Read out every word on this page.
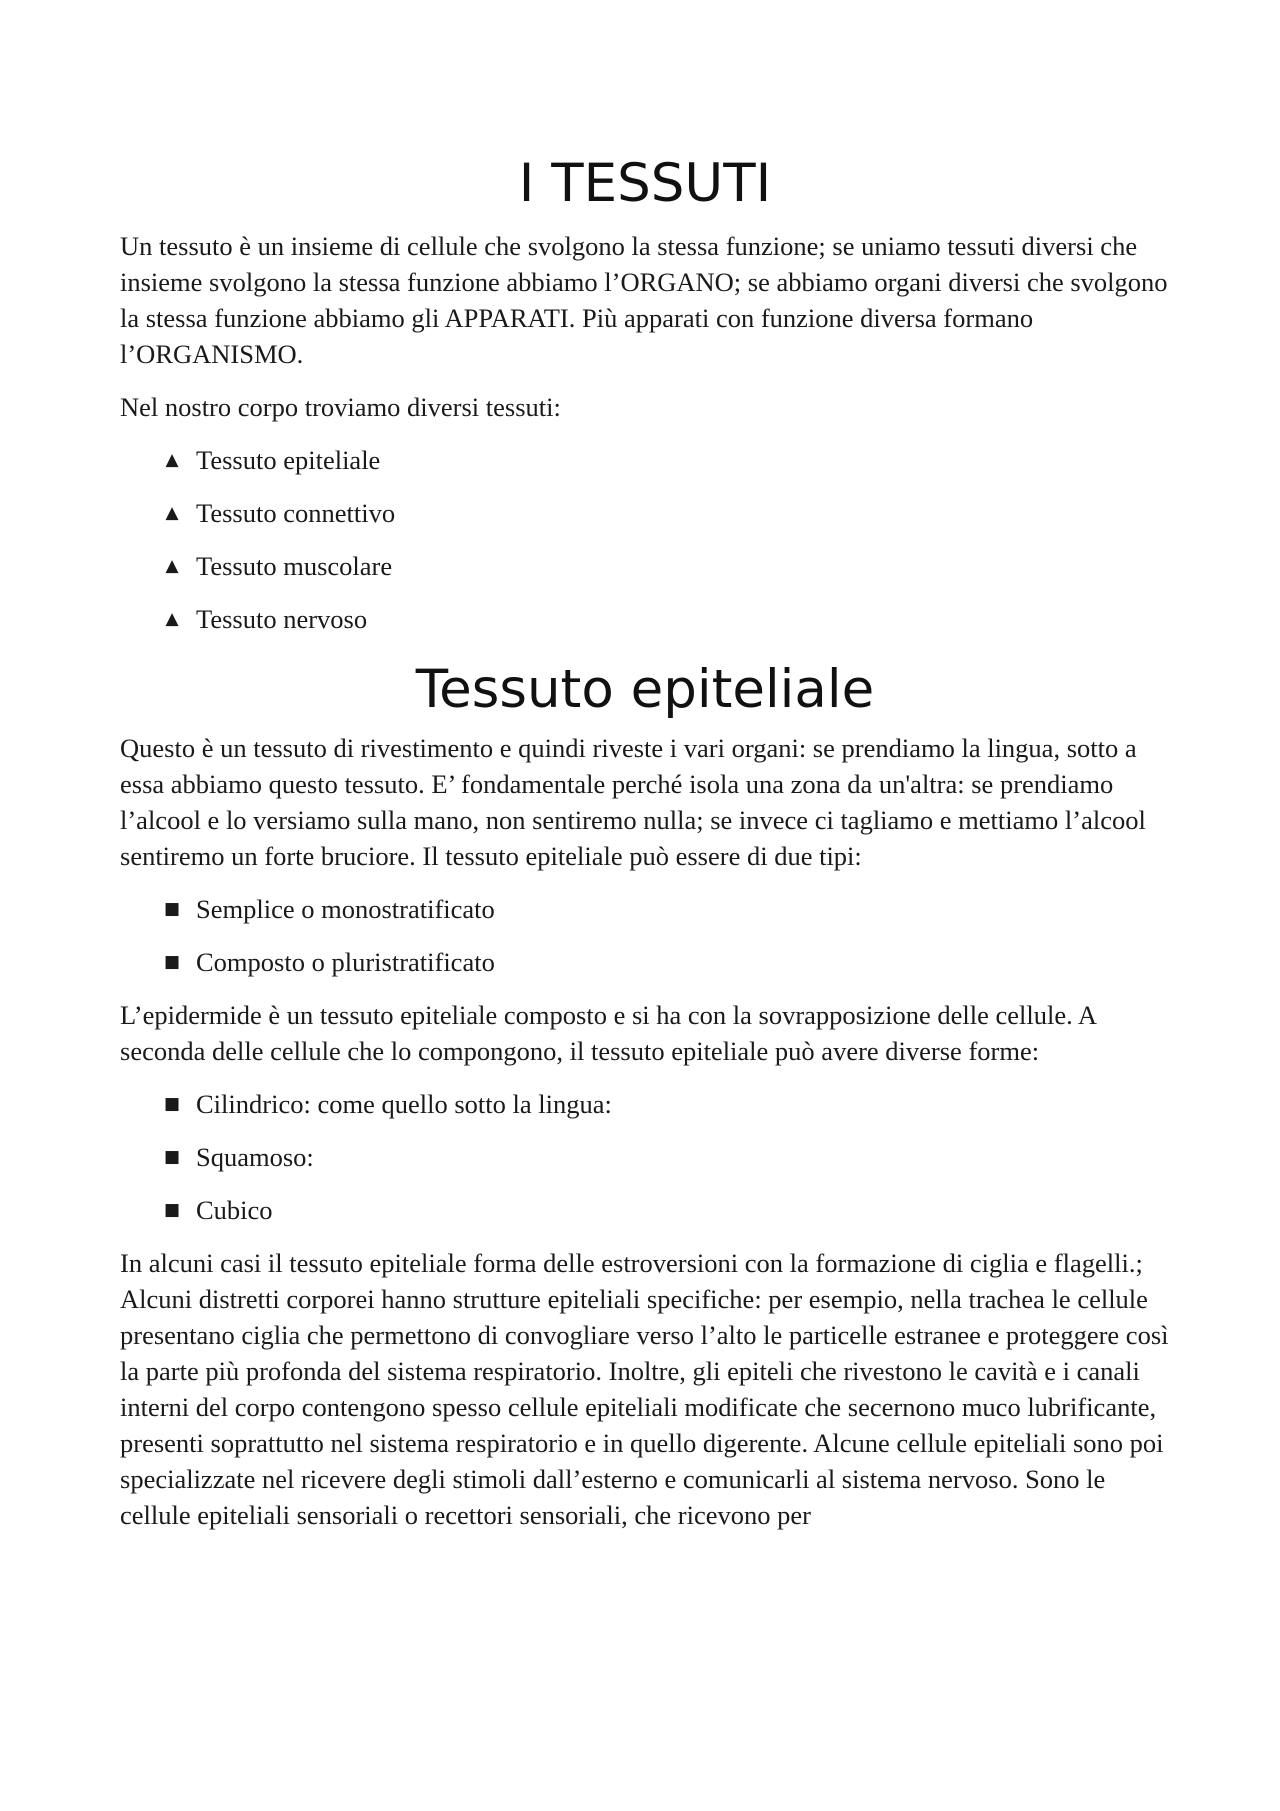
I TESSUTI

Un tessuto è un insieme di cellule che svolgono la stessa funzione; se uniamo tessuti diversi che insieme svolgono la stessa funzione abbiamo l’ORGANO; se abbiamo organi diversi che svolgono la stessa funzione abbiamo gli APPARATI. Più apparati con funzione diversa formano l’ORGANISMO.

Nel nostro corpo troviamo diversi tessuti:

▲ Tessuto epiteliale
▲ Tessuto connettivo
▲ Tessuto muscolare
▲ Tessuto nervoso
Tessuto epiteliale

Questo è un tessuto di rivestimento e quindi riveste i vari organi: se prendiamo la lingua, sotto a essa abbiamo questo tessuto. E’ fondamentale perché isola una zona da un'altra: se prendiamo l’alcool e lo versiamo sulla mano, non sentiremo nulla; se invece ci tagliamo e mettiamo l’alcool sentiremo un forte bruciore. Il tessuto epiteliale può essere di due tipi:

■ Semplice o monostratificato
■ Composto o pluristratificato

L’epidermide è un tessuto epiteliale composto e si ha con la sovrapposizione delle cellule. A seconda delle cellule che lo compongono, il tessuto epiteliale può avere diverse forme:

■ Cilindrico: come quello sotto la lingua:
■ Squamoso:
■ Cubico

In alcuni casi il tessuto epiteliale forma delle estroversioni con la formazione di ciglia e flagelli.; Alcuni distretti corporei hanno strutture epiteliali specifiche: per esempio, nella trachea le cellule presentano ciglia che permettono di convogliare verso l’alto le particelle estranee e proteggere così la parte più profonda del sistema respiratorio. Inoltre, gli epiteli che rivestono le cavità e i canali interni del corpo contengono spesso cellule epiteliali modificate che secernono muco lubrificante, presenti soprattutto nel sistema respiratorio e in quello digerente. Alcune cellule epiteliali sono poi specializzate nel ricevere degli stimoli dall’esterno e comunicarli al sistema nervoso. Sono le cellule epiteliali sensoriali o recettori sensoriali, che ricevono per
